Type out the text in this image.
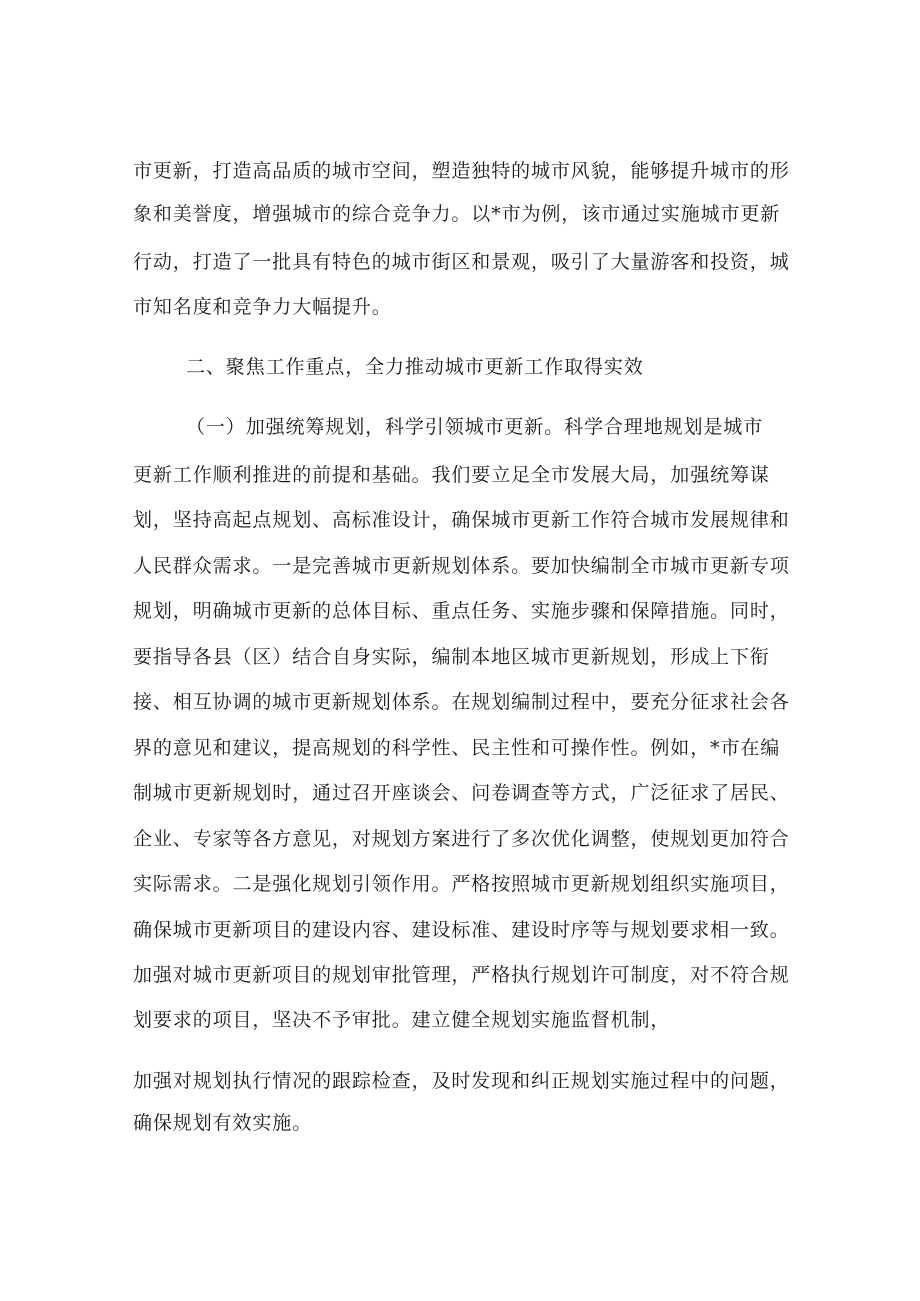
市更新，打造高品质的城市空间，塑造独特的城市风貌，能够提升城市的形
象和美誉度，增强城市的综合竞争力。以*市为例，该市通过实施城市更新
行动，打造了一批具有特色的城市街区和景观，吸引了大量游客和投资，城
市知名度和竞争力大幅提升。
二、聚焦工作重点，全力推动城市更新工作取得实效
（一）加强统筹规划，科学引领城市更新。科学合理地规划是城市
更新工作顺利推进的前提和基础。我们要立足全市发展大局，加强统筹谋
划，坚持高起点规划、高标准设计，确保城市更新工作符合城市发展规律和
人民群众需求。一是完善城市更新规划体系。要加快编制全市城市更新专项
规划，明确城市更新的总体目标、重点任务、实施步骤和保障措施。同时，
要指导各县（区）结合自身实际，编制本地区城市更新规划，形成上下衔
接、相互协调的城市更新规划体系。在规划编制过程中，要充分征求社会各
界的意见和建议，提高规划的科学性、民主性和可操作性。例如，*市在编
制城市更新规划时，通过召开座谈会、问卷调查等方式，广泛征求了居民、
企业、专家等各方意见，对规划方案进行了多次优化调整，使规划更加符合
实际需求。二是强化规划引领作用。严格按照城市更新规划组织实施项目，
确保城市更新项目的建设内容、建设标准、建设时序等与规划要求相一致。
加强对城市更新项目的规划审批管理，严格执行规划许可制度，对不符合规
划要求的项目，坚决不予审批。建立健全规划实施监督机制，
加强对规划执行情况的跟踪检查，及时发现和纠正规划实施过程中的问题，
确保规划有效实施。
